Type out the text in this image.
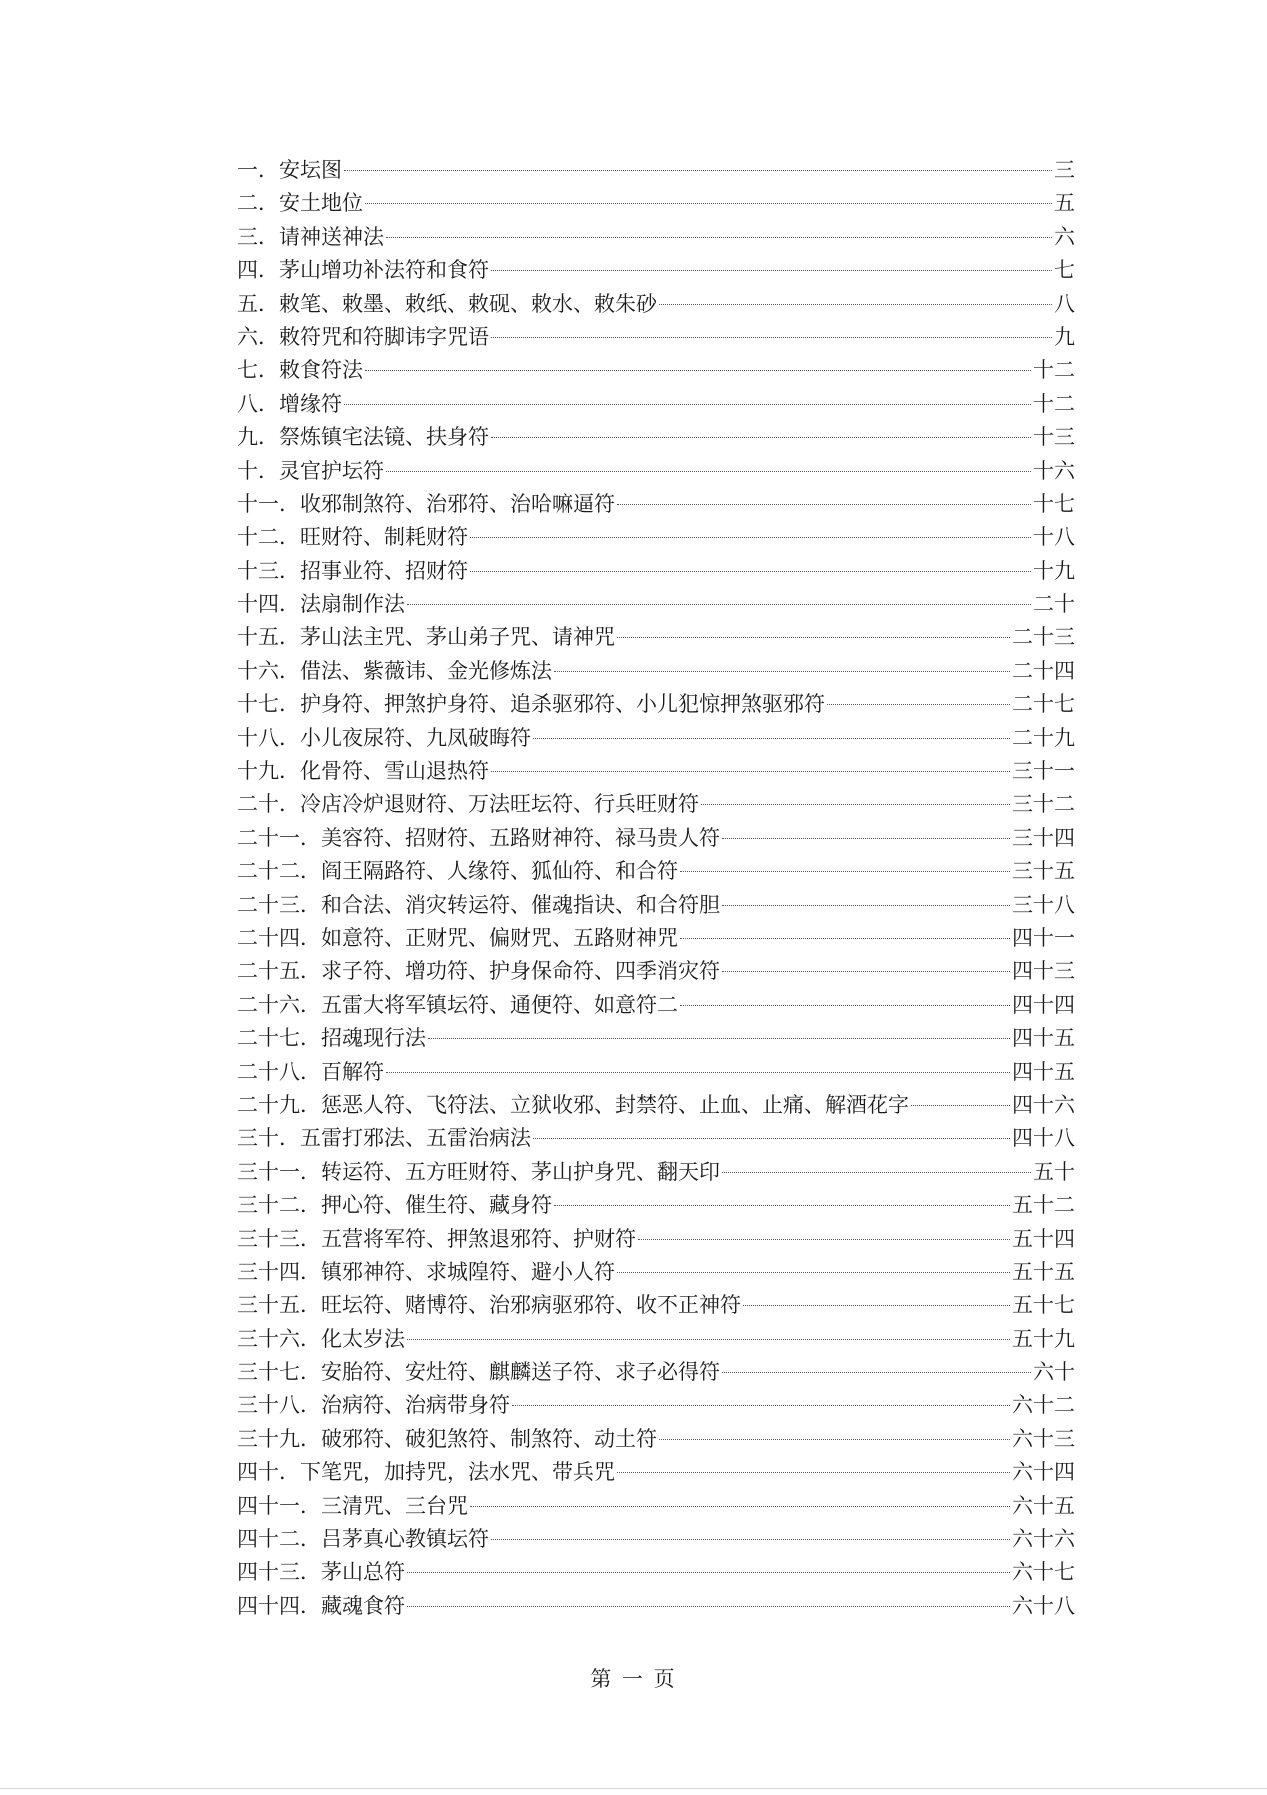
一．安坛图	三
二．安土地位	五
三．请神送神法	六
四．茅山增功补法符和食符	七
五．敕笔、敕墨、敕纸、敕砚、敕水、敕朱砂	八
六．敕符咒和符脚讳字咒语	九
七．敕食符法	十二
八．增缘符	十二
九．祭炼镇宅法镜、扶身符	十三
十．灵官护坛符	十六
十一．收邪制煞符、治邪符、治哈嘛逼符	十七
十二．旺财符、制耗财符	十八
十三．招事业符、招财符	十九
十四．法扇制作法	二十
十五．茅山法主咒、茅山弟子咒、请神咒	二十三
十六．借法、紫薇讳、金光修炼法	二十四
十七．护身符、押煞护身符、追杀驱邪符、小儿犯惊押煞驱邪符	二十七
十八．小儿夜尿符、九凤破晦符	二十九
十九．化骨符、雪山退热符	三十一
二十．冷店冷炉退财符、万法旺坛符、行兵旺财符	三十二
二十一．美容符、招财符、五路财神符、禄马贵人符	三十四
二十二．阎王隔路符、人缘符、狐仙符、和合符	三十五
二十三．和合法、消灾转运符、催魂指诀、和合符胆	三十八
二十四．如意符、正财咒、偏财咒、五路财神咒	四十一
二十五．求子符、增功符、护身保命符、四季消灾符	四十三
二十六．五雷大将军镇坛符、通便符、如意符二	四十四
二十七．招魂现行法	四十五
二十八．百解符	四十五
二十九．惩恶人符、飞符法、立狱收邪、封禁符、止血、止痛、解酒花字	四十六
三十．五雷打邪法、五雷治病法	四十八
三十一．转运符、五方旺财符、茅山护身咒、翻天印	五十
三十二．押心符、催生符、藏身符	五十二
三十三．五营将军符、押煞退邪符、护财符	五十四
三十四．镇邪神符、求城隍符、避小人符	五十五
三十五．旺坛符、赌博符、治邪病驱邪符、收不正神符	五十七
三十六．化太岁法	五十九
三十七．安胎符、安灶符、麒麟送子符、求子必得符	六十
三十八．治病符、治病带身符	六十二
三十九．破邪符、破犯煞符、制煞符、动土符	六十三
四十．下笔咒，加持咒，法水咒、带兵咒	六十四
四十一．三清咒、三台咒	六十五
四十二．吕茅真心教镇坛符	六十六
四十三．茅山总符	六十七
四十四．藏魂食符	六十八
第 一 页
